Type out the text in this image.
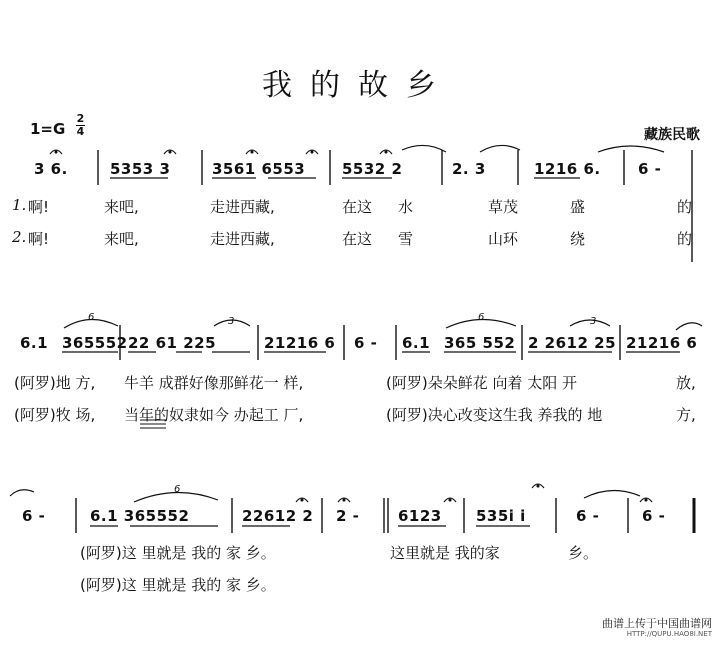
我的故乡
1=G
2
4	藏族民歌
3 6.	5353 3	3561 6553 5532 2	2. 3	1216 6. 6 -
1. 啊!	来吧,	走进西藏,	在这 水	草茂	盛	的
2. 啊!	来吧,	走进西藏,	在这 雪	山环	绕	的
6.1 365552 22 61 225	21216 6 6 - 6.1 365 552 2 2612 25 21216 6
(阿罗)地 方, 牛羊 成群好像那鲜花一 样,	(阿罗)朵朵鲜花 向着 太阳 开	放,
(阿罗)牧 场, 当年的奴隶如今 办起工 厂,	(阿罗)决心改变这生我 养我的 地	方,
6 -	6.1 365552	22612 2 2 -	6123 535i i	6 -	6 -
(阿罗)这 里就是 我的 家 乡。	这里就是 我的家	乡。
(阿罗)这 里就是 我的 家 乡。
6	3	6	3
6
曲谱上传于中国曲谱网
HTTP://QUPU.HAO8I.NET
